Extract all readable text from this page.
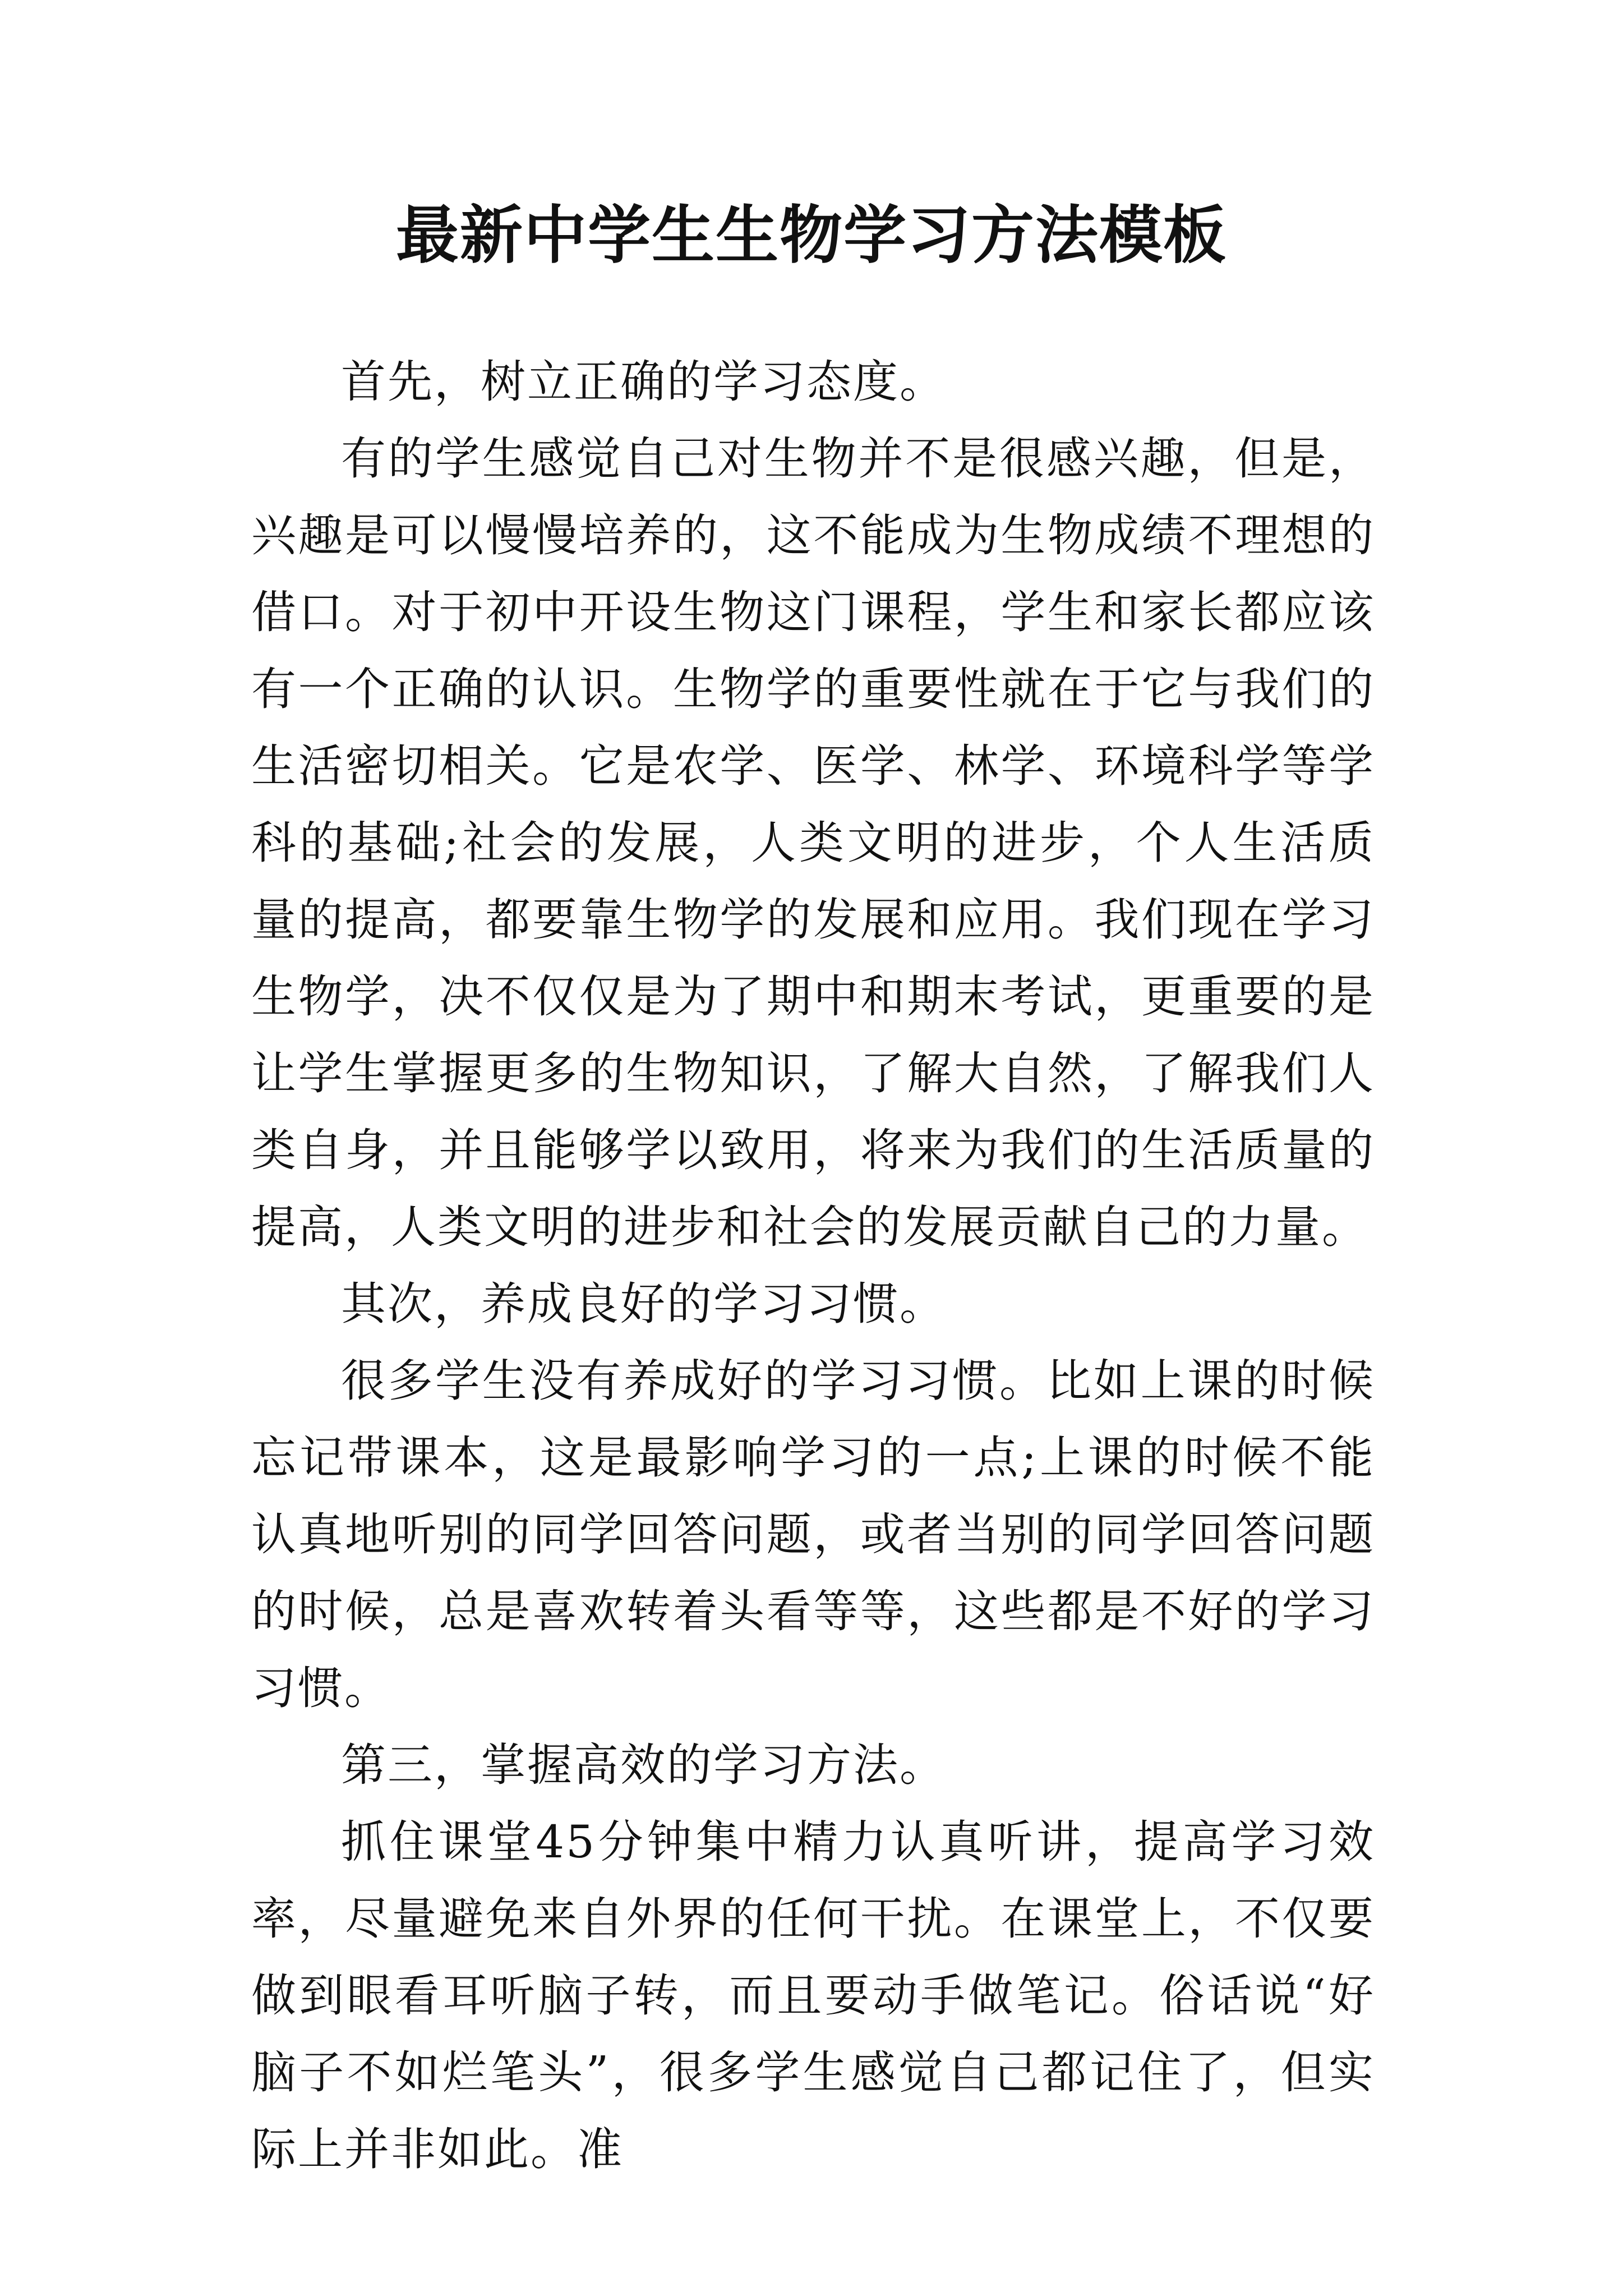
最新中学生生物学习方法模板

首先，树立正确的学习态度。

有的学生感觉自己对生物并不是很感兴趣，但是，兴趣是可以慢慢培养的，这不能成为生物成绩不理想的借口。对于初中开设生物这门课程，学生和家长都应该有一个正确的认识。生物学的重要性就在于它与我们的生活密切相关。它是农学、医学、林学、环境科学等学科的基础;社会的发展，人类文明的进步，个人生活质量的提高，都要靠生物学的发展和应用。我们现在学习生物学，决不仅仅是为了期中和期末考试，更重要的是让学生掌握更多的生物知识，了解大自然，了解我们人类自身，并且能够学以致用，将来为我们的生活质量的提高，人类文明的进步和社会的发展贡献自己的力量。

其次，养成良好的学习习惯。

很多学生没有养成好的学习习惯。比如上课的时候忘记带课本，这是最影响学习的一点;上课的时候不能认真地听别的同学回答问题，或者当别的同学回答问题的时候，总是喜欢转着头看等等，这些都是不好的学习习惯。

第三，掌握高效的学习方法。

抓住课堂45分钟集中精力认真听讲，提高学习效率，尽量避免来自外界的任何干扰。在课堂上，不仅要做到眼看耳听脑子转，而且要动手做笔记。俗话说“好脑子不如烂笔头”，很多学生感觉自己都记住了，但实际上并非如此。准
